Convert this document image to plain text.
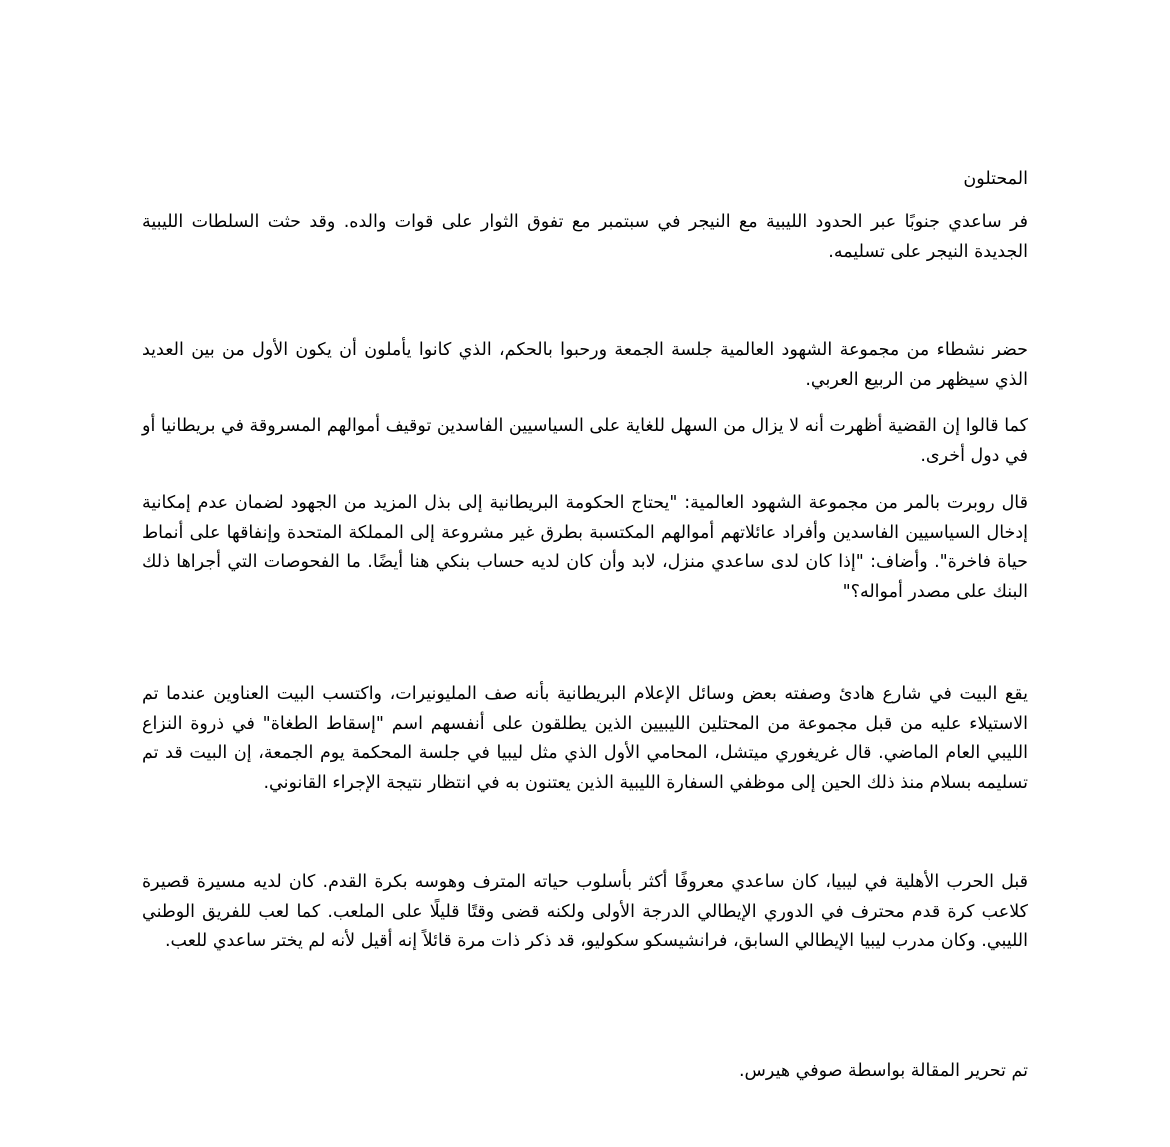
المحتلون

فر ساعدي جنوبًا عبر الحدود الليبية مع النيجر في سبتمبر مع تفوق الثوار على قوات والده. وقد حثت السلطات الليبية الجديدة النيجر على تسليمه.

حضر نشطاء من مجموعة الشهود العالمية جلسة الجمعة ورحبوا بالحكم، الذي كانوا يأملون أن يكون الأول من بين العديد الذي سيظهر من الربيع العربي.

كما قالوا إن القضية أظهرت أنه لا يزال من السهل للغاية على السياسيين الفاسدين توقيف أموالهم المسروقة في بريطانيا أو في دول أخرى.

قال روبرت بالمر من مجموعة الشهود العالمية: "يحتاج الحكومة البريطانية إلى بذل المزيد من الجهود لضمان عدم إمكانية إدخال السياسيين الفاسدين وأفراد عائلاتهم أموالهم المكتسبة بطرق غير مشروعة إلى المملكة المتحدة وإنفاقها على أنماط حياة فاخرة". وأضاف: "إذا كان لدى ساعدي منزل، لابد وأن كان لديه حساب بنكي هنا أيضًا. ما الفحوصات التي أجراها ذلك البنك على مصدر أمواله؟"

يقع البيت في شارع هادئ وصفته بعض وسائل الإعلام البريطانية بأنه صف المليونيرات، واكتسب البيت العناوين عندما تم الاستيلاء عليه من قبل مجموعة من المحتلين الليبيين الذين يطلقون على أنفسهم اسم "إسقاط الطغاة" في ذروة النزاع الليبي العام الماضي. قال غريغوري ميتشل، المحامي الأول الذي مثل ليبيا في جلسة المحكمة يوم الجمعة، إن البيت قد تم تسليمه بسلام منذ ذلك الحين إلى موظفي السفارة الليبية الذين يعتنون به في انتظار نتيجة الإجراء القانوني.

قبل الحرب الأهلية في ليبيا، كان ساعدي معروفًا أكثر بأسلوب حياته المترف وهوسه بكرة القدم. كان لديه مسيرة قصيرة كلاعب كرة قدم محترف في الدوري الإيطالي الدرجة الأولى ولكنه قضى وقتًا قليلًا على الملعب. كما لعب للفريق الوطني الليبي. وكان مدرب ليبيا الإيطالي السابق، فرانشيسكو سكوليو، قد ذكر ذات مرة قائلاً إنه أقيل لأنه لم يختر ساعدي للعب.

تم تحرير المقالة بواسطة صوفي هيرس.
